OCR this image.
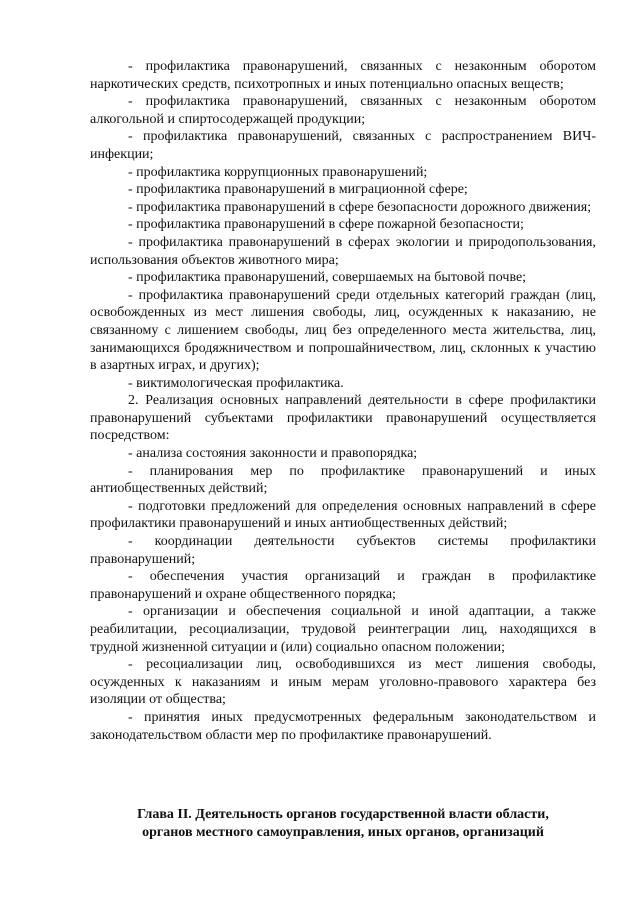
- профилактика правонарушений, связанных с незаконным оборотом наркотических средств, психотропных и иных потенциально опасных веществ;

- профилактика правонарушений, связанных с незаконным оборотом алкогольной и спиртосодержащей продукции;

- профилактика правонарушений, связанных с распространением ВИЧ-инфекции;

- профилактика коррупционных правонарушений;

- профилактика правонарушений в миграционной сфере;

- профилактика правонарушений в сфере безопасности дорожного движения;

- профилактика правонарушений в сфере пожарной безопасности;

- профилактика правонарушений в сферах экологии и природопользования, использования объектов животного мира;

- профилактика правонарушений, совершаемых на бытовой почве;

- профилактика правонарушений среди отдельных категорий граждан (лиц, освобожденных из мест лишения свободы, лиц, осужденных к наказанию, не связанному с лишением свободы, лиц без определенного места жительства, лиц, занимающихся бродяжничеством и попрошайничеством, лиц, склонных к участию в азартных играх, и других);

- виктимологическая профилактика.

2. Реализация основных направлений деятельности в сфере профилактики правонарушений субъектами профилактики правонарушений осуществляется посредством:

- анализа состояния законности и правопорядка;

- планирования мер по профилактике правонарушений и иных антиобщественных действий;

- подготовки предложений для определения основных направлений в сфере профилактики правонарушений и иных антиобщественных действий;

- координации деятельности субъектов системы профилактики правонарушений;

- обеспечения участия организаций и граждан в профилактике правонарушений и охране общественного порядка;

- организации и обеспечения социальной и иной адаптации, а также реабилитации, ресоциализации, трудовой реинтеграции лиц, находящихся в трудной жизненной ситуации и (или) социально опасном положении;

- ресоциализации лиц, освободившихся из мест лишения свободы, осужденных к наказаниям и иным мерам уголовно-правового характера без изоляции от общества;

- принятия иных предусмотренных федеральным законодательством и законодательством области мер по профилактике правонарушений.

Глава II. Деятельность органов государственной власти области,
органов местного самоуправления, иных органов, организаций
